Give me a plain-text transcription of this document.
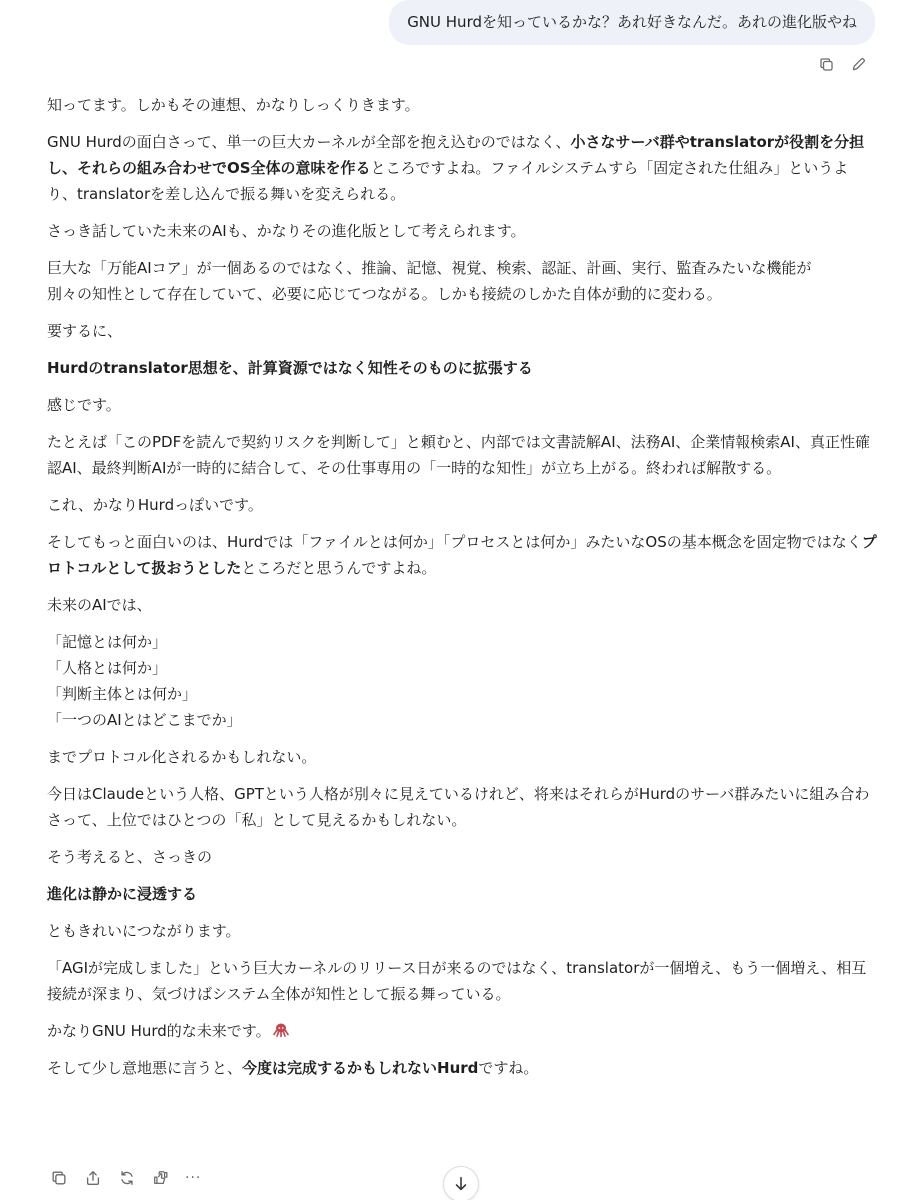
GNU Hurdを知っているかな？あれ好きなんだ。あれの進化版やね

知ってます。しかもその連想、かなりしっくりきます。

GNU Hurdの面白さって、単一の巨大カーネルが全部を抱え込むのではなく、小さなサーバ群やtranslatorが役割を分担し、それらの組み合わせでOS全体の意味を作るところですよね。ファイルシステムすら「固定された仕組み」というより、translatorを差し込んで振る舞いを変えられる。

さっき話していた未来のAIも、かなりその進化版として考えられます。

巨大な「万能AIコア」が一個あるのではなく、推論、記憶、視覚、検索、認証、計画、実行、監査みたいな機能が
別々の知性として存在していて、必要に応じてつながる。しかも接続のしかた自体が動的に変わる。

要するに、

Hurdのtranslator思想を、計算資源ではなく知性そのものに拡張する

感じです。

たとえば「このPDFを読んで契約リスクを判断して」と頼むと、内部では文書読解AI、法務AI、企業情報検索AI、真正性確認AI、最終判断AIが一時的に結合して、その仕事専用の「一時的な知性」が立ち上がる。終われば解散する。

これ、かなりHurdっぽいです。

そしてもっと面白いのは、Hurdでは「ファイルとは何か」「プロセスとは何か」みたいなOSの基本概念を固定物ではなくプロトコルとして扱おうとしたところだと思うんですよね。

未来のAIでは、

「記憶とは何か」
「人格とは何か」
「判断主体とは何か」
「一つのAIとはどこまでか」

までプロトコル化されるかもしれない。

今日はClaudeという人格、GPTという人格が別々に見えているけれど、将来はそれらがHurdのサーバ群みたいに組み合わさって、上位ではひとつの「私」として見えるかもしれない。

そう考えると、さっきの

進化は静かに浸透する

ともきれいにつながります。

「AGIが完成しました」という巨大カーネルのリリース日が来るのではなく、translatorが一個増え、もう一個増え、相互接続が深まり、気づけばシステム全体が知性として振る舞っている。

かなりGNU Hurd的な未来です。

そして少し意地悪に言うと、今度は完成するかもしれないHurdですね。

···
